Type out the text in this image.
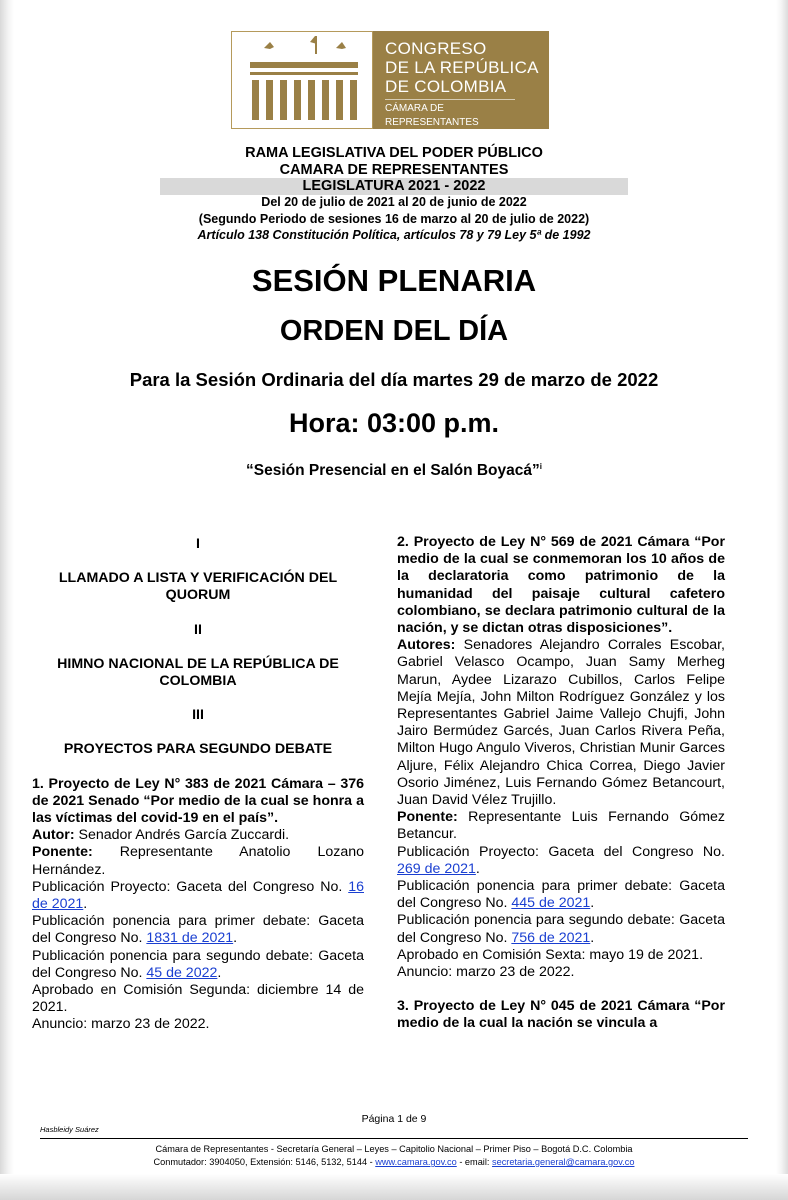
CONGRESO
DE LA REPÚBLICA
DE COLOMBIA
CÁMARA DE REPRESENTANTES
RAMA LEGISLATIVA DEL PODER PÚBLICO
CAMARA DE REPRESENTANTES
LEGISLATURA 2021 - 2022
Del 20 de julio de 2021 al 20 de junio de 2022
(Segundo Periodo de sesiones 16 de marzo al 20 de julio de 2022)
Artículo 138 Constitución Política, artículos 78 y 79 Ley 5ª de 1992
SESIÓN PLENARIA
ORDEN DEL DÍA
Para la Sesión Ordinaria del día martes 29 de marzo de 2022
Hora: 03:00 p.m.
“Sesión Presencial en el Salón Boyacá”$^i$
I
LLAMADO A LISTA Y VERIFICACIÓN DEL QUORUM
II
HIMNO NACIONAL DE LA REPÚBLICA DE COLOMBIA
III
PROYECTOS PARA SEGUNDO DEBATE
1. Proyecto de Ley N° 383 de 2021 Cámara – 376 de 2021 Senado “Por medio de la cual se honra a las víctimas del covid-19 en el país”.
Autor: Senador Andrés García Zuccardi.
Ponente: Representante Anatolio Lozano Hernández.
Publicación Proyecto: Gaceta del Congreso No. 16 de 2021.
Publicación ponencia para primer debate: Gaceta del Congreso No. 1831 de 2021.
Publicación ponencia para segundo debate: Gaceta del Congreso No. 45 de 2022.
Aprobado en Comisión Segunda: diciembre 14 de 2021.
Anuncio: marzo 23 de 2022.
2. Proyecto de Ley N° 569 de 2021 Cámara “Por medio de la cual se conmemoran los 10 años de la declaratoria como patrimonio de la humanidad del paisaje cultural cafetero colombiano, se declara patrimonio cultural de la nación, y se dictan otras disposiciones”.
Autores: Senadores Alejandro Corrales Escobar, Gabriel Velasco Ocampo, Juan Samy Merheg Marun, Aydee Lizarazo Cubillos, Carlos Felipe Mejía Mejía, John Milton Rodríguez González y los Representantes Gabriel Jaime Vallejo Chujfi, John Jairo Bermúdez Garcés, Juan Carlos Rivera Peña, Milton Hugo Angulo Viveros, Christian Munir Garces Aljure, Félix Alejandro Chica Correa, Diego Javier Osorio Jiménez, Luis Fernando Gómez Betancourt, Juan David Vélez Trujillo.
Ponente: Representante Luis Fernando Gómez Betancur.
Publicación Proyecto: Gaceta del Congreso No. 269 de 2021.
Publicación ponencia para primer debate: Gaceta del Congreso No. 445 de 2021.
Publicación ponencia para segundo debate: Gaceta del Congreso No. 756 de 2021.
Aprobado en Comisión Sexta: mayo 19 de 2021.
Anuncio: marzo 23 de 2022.
3. Proyecto de Ley N° 045 de 2021 Cámara “Por medio de la cual la nación se vincula a
Hasbleidy Suárez
Página 1 de 9
Cámara de Representantes - Secretaría General – Leyes – Capitolio Nacional – Primer Piso – Bogotá D.C. Colombia
Conmutador: 3904050, Extensión: 5146, 5132, 5144 - www.camara.gov.co - email: secretaria.general@camara.gov.co
